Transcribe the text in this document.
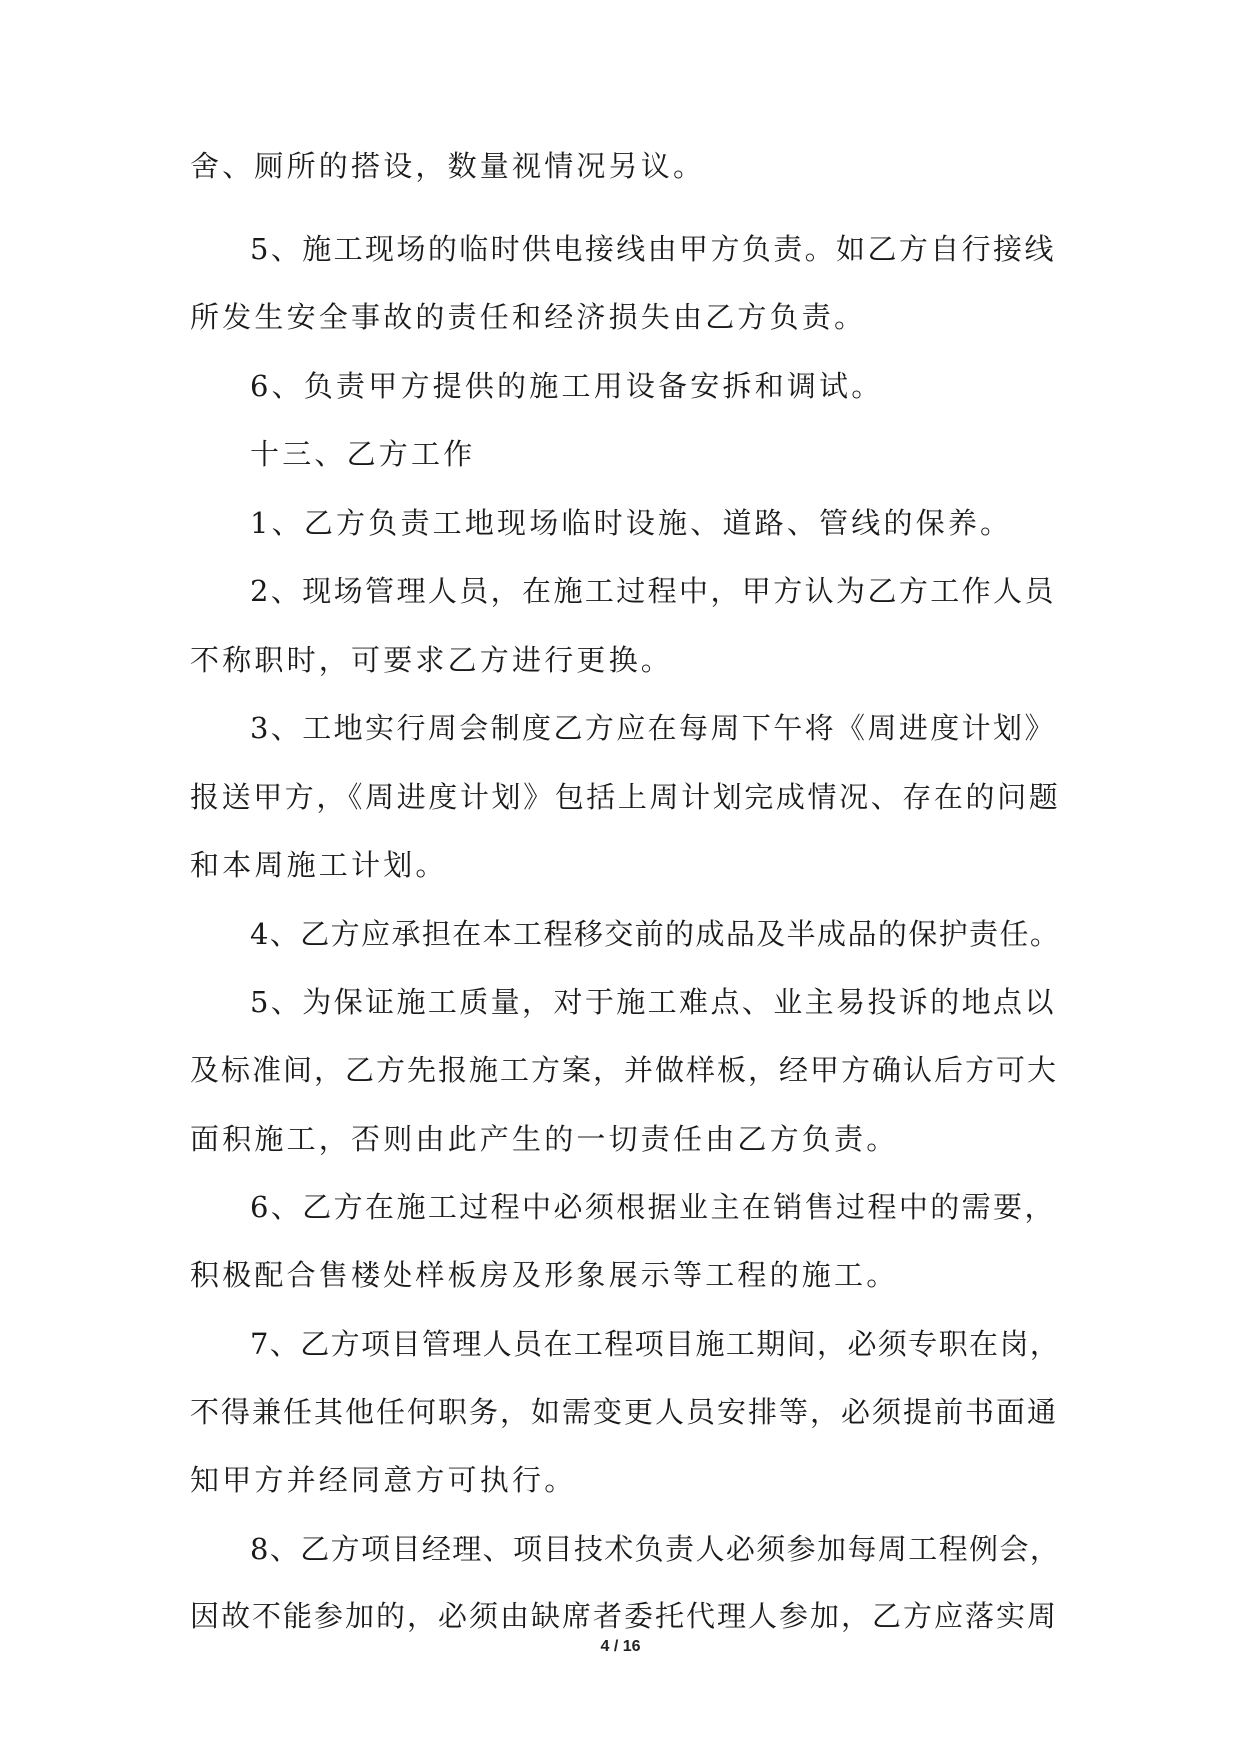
舍、厕所的搭设，数量视情况另议。
5、施工现场的临时供电接线由甲方负责。如乙方自行接线
所发生安全事故的责任和经济损失由乙方负责。
6、负责甲方提供的施工用设备安拆和调试。
十三、乙方工作
1、乙方负责工地现场临时设施、道路、管线的保养。
2、现场管理人员，在施工过程中，甲方认为乙方工作人员
不称职时，可要求乙方进行更换。
3、工地实行周会制度乙方应在每周下午将《周进度计划》
报送甲方，《周进度计划》包括上周计划完成情况、存在的问题
和本周施工计划。
4、乙方应承担在本工程移交前的成品及半成品的保护责任。
5、为保证施工质量，对于施工难点、业主易投诉的地点以
及标准间，乙方先报施工方案，并做样板，经甲方确认后方可大
面积施工，否则由此产生的一切责任由乙方负责。
6、乙方在施工过程中必须根据业主在销售过程中的需要，
积极配合售楼处样板房及形象展示等工程的施工。
7、乙方项目管理人员在工程项目施工期间，必须专职在岗，
不得兼任其他任何职务，如需变更人员安排等，必须提前书面通
知甲方并经同意方可执行。
8、乙方项目经理、项目技术负责人必须参加每周工程例会，
因故不能参加的，必须由缺席者委托代理人参加，乙方应落实周
4 / 16
